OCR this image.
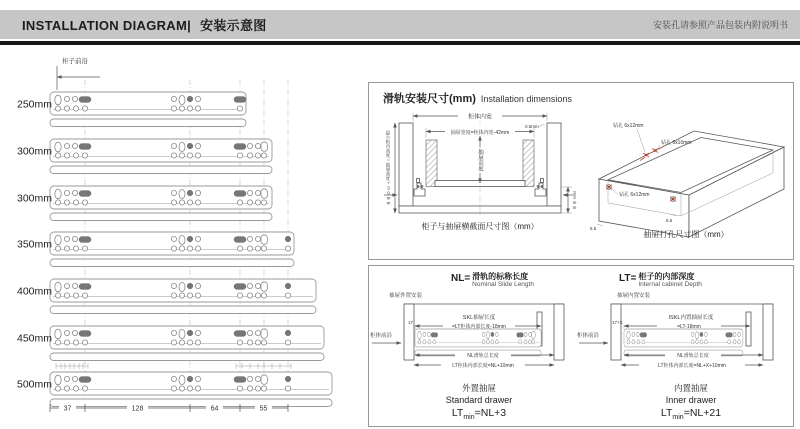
INSTALLATION DIAGRAM| 安装示意图	安装孔请参照产品包装内附说明书
柜子前沿
250mm
300mm
300mm
350mm
400mm
450mm
500mm
37	128	64	55
滑轨安装尺寸(mm) Installation dimensions
柜体内宽
抽屉宽度=柜体内宽-42mm
抽屉高度
最小柜内高度=抽屉高度+30mm	34mm
0.5mm	钻孔 6x12mm
钻孔 6x10mm
钻孔 6x12mm
6.5
6.5
柜子与抽屉横截面尺寸图（mm）
抽屉打孔尺寸图（mm）
NL= 滑轨的标称长度
Nominal Slide Length
LT= 柜子的内部深度
Internal cabinet Depth
抽屉外置安装
SKL抽屉长度
=LT柜体内部长度-18mm
17
柜体前沿
NL滑轨总长度
LT柜体内部长度=NL+10mm
抽屉内置安装
ISKL内置抽屉长度
=LT-18mm
17+X
柜体前沿
NL滑轨总长度
LT柜体内部长度=NL+X+10mm
外置抽屉
Standard drawer
$LT_{min}=NL+3$
内置抽屉
Inner drawer
$LT_{min}=NL+21$
